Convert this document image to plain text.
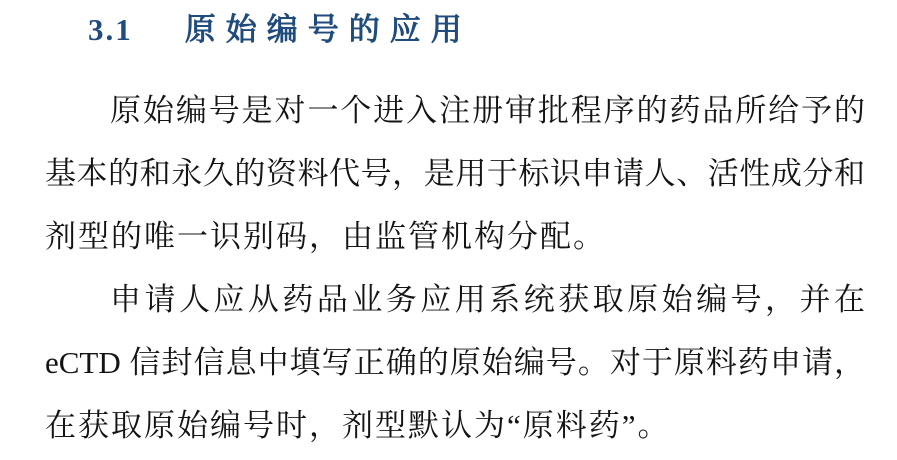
3.1 原始编号的应用
原始编号是对一个进入注册审批程序的药品所给予的
基本的和永久的资料代号，是用于标识申请人、活性成分和
剂型的唯一识别码，由监管机构分配。
申请人应从药品业务应用系统获取原始编号，并在
eCTD 信封信息中填写正确的原始编号。对于原料药申请，
在获取原始编号时，剂型默认为“原料药”。
